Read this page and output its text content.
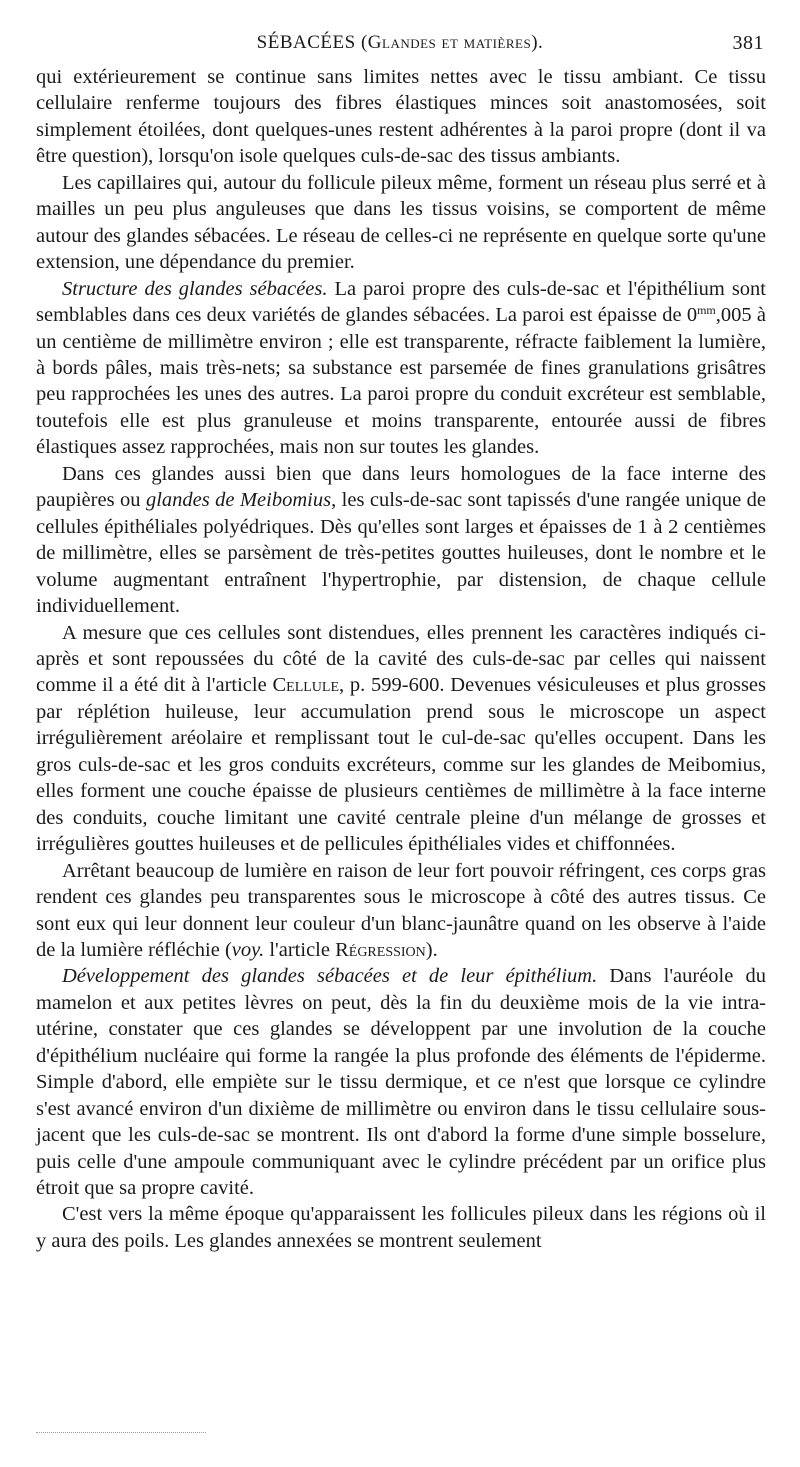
SÉBACÉES (Glandes et matières).	381

qui extérieurement se continue sans limites nettes avec le tissu ambiant. Ce tissu cellulaire renferme toujours des fibres élastiques minces soit anastomosées, soit simplement étoilées, dont quelques-unes restent adhérentes à la paroi propre (dont il va être question), lorsqu'on isole quelques culs-de-sac des tissus ambiants.

Les capillaires qui, autour du follicule pileux même, forment un réseau plus serré et à mailles un peu plus anguleuses que dans les tissus voisins, se comportent de même autour des glandes sébacées. Le réseau de celles-ci ne représente en quelque sorte qu'une extension, une dépendance du premier.

Structure des glandes sébacées. La paroi propre des culs-de-sac et l'épithélium sont semblables dans ces deux variétés de glandes sébacées. La paroi est épaisse de $0^{mm},005$ à un centième de millimètre environ ; elle est transparente, réfracte faiblement la lumière, à bords pâles, mais très-nets; sa substance est parsemée de fines granulations grisâtres peu rapprochées les unes des autres. La paroi propre du conduit excréteur est semblable, toutefois elle est plus granuleuse et moins transparente, entourée aussi de fibres élastiques assez rapprochées, mais non sur toutes les glandes.

Dans ces glandes aussi bien que dans leurs homologues de la face interne des paupières ou glandes de Meibomius, les culs-de-sac sont tapissés d'une rangée unique de cellules épithéliales polyédriques. Dès qu'elles sont larges et épaisses de 1 à 2 centièmes de millimètre, elles se parsèment de très-petites gouttes huileuses, dont le nombre et le volume augmentant entraînent l'hypertrophie, par distension, de chaque cellule individuellement.

A mesure que ces cellules sont distendues, elles prennent les caractères indiqués ci-après et sont repoussées du côté de la cavité des culs-de-sac par celles qui naissent comme il a été dit à l'article Cellule, p. 599-600. Devenues vésiculeuses et plus grosses par réplétion huileuse, leur accumulation prend sous le microscope un aspect irrégulièrement aréolaire et remplissant tout le cul-de-sac qu'elles occupent. Dans les gros culs-de-sac et les gros conduits excréteurs, comme sur les glandes de Meibomius, elles forment une couche épaisse de plusieurs centièmes de millimètre à la face interne des conduits, couche limitant une cavité centrale pleine d'un mélange de grosses et irrégulières gouttes huileuses et de pellicules épithéliales vides et chiffonnées.

Arrêtant beaucoup de lumière en raison de leur fort pouvoir réfringent, ces corps gras rendent ces glandes peu transparentes sous le microscope à côté des autres tissus. Ce sont eux qui leur donnent leur couleur d'un blanc-jaunâtre quand on les observe à l'aide de la lumière réfléchie (voy. l'article Régression).

Développement des glandes sébacées et de leur épithélium. Dans l'auréole du mamelon et aux petites lèvres on peut, dès la fin du deuxième mois de la vie intra-utérine, constater que ces glandes se développent par une involution de la couche d'épithélium nucléaire qui forme la rangée la plus profonde des éléments de l'épiderme. Simple d'abord, elle empiète sur le tissu dermique, et ce n'est que lorsque ce cylindre s'est avancé environ d'un dixième de millimètre ou environ dans le tissu cellulaire sous-jacent que les culs-de-sac se montrent. Ils ont d'abord la forme d'une simple bosselure, puis celle d'une ampoule communiquant avec le cylindre précédent par un orifice plus étroit que sa propre cavité.

C'est vers la même époque qu'apparaissent les follicules pileux dans les régions où il y aura des poils. Les glandes annexées se montrent seulement
